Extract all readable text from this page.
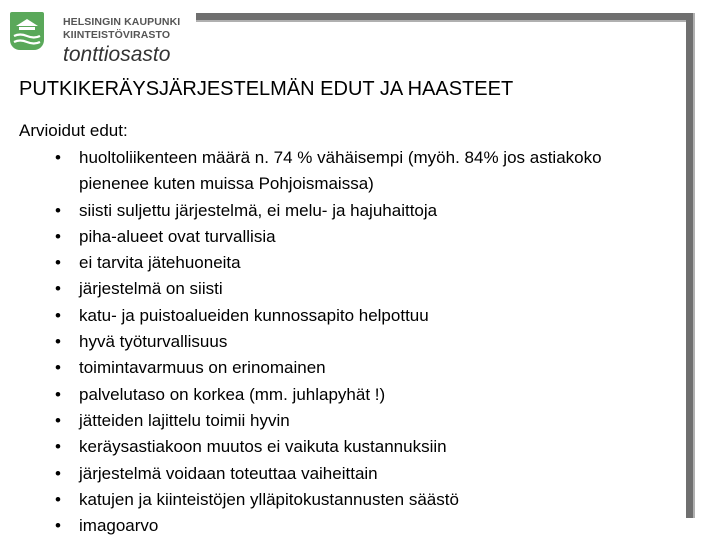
HELSINGIN KAUPUNKI
KIINTEISTÖVIRASTO
tonttiosasto
PUTKIKERÄYSJÄRJESTELMÄN EDUT JA HAASTEET
Arvioidut edut:
• huoltoliikenteen määrä n. 74 % vähäisempi (myöh. 84% jos astiakoko pienenee kuten muissa Pohjoismaissa)
• siisti suljettu järjestelmä, ei melu- ja hajuhaittoja
• piha-alueet ovat turvallisia
• ei tarvita jätehuoneita
• järjestelmä on siisti
• katu- ja puistoalueiden kunnossapito helpottuu
• hyvä työturvallisuus
• toimintavarmuus on erinomainen
• palvelutaso on korkea (mm. juhlapyhät !)
• jätteiden lajittelu toimii hyvin
• keräysastiakoon muutos ei vaikuta kustannuksiin
• järjestelmä voidaan toteuttaa vaiheittain
• katujen ja kiinteistöjen ylläpitokustannusten säästö
• imagoarvo
